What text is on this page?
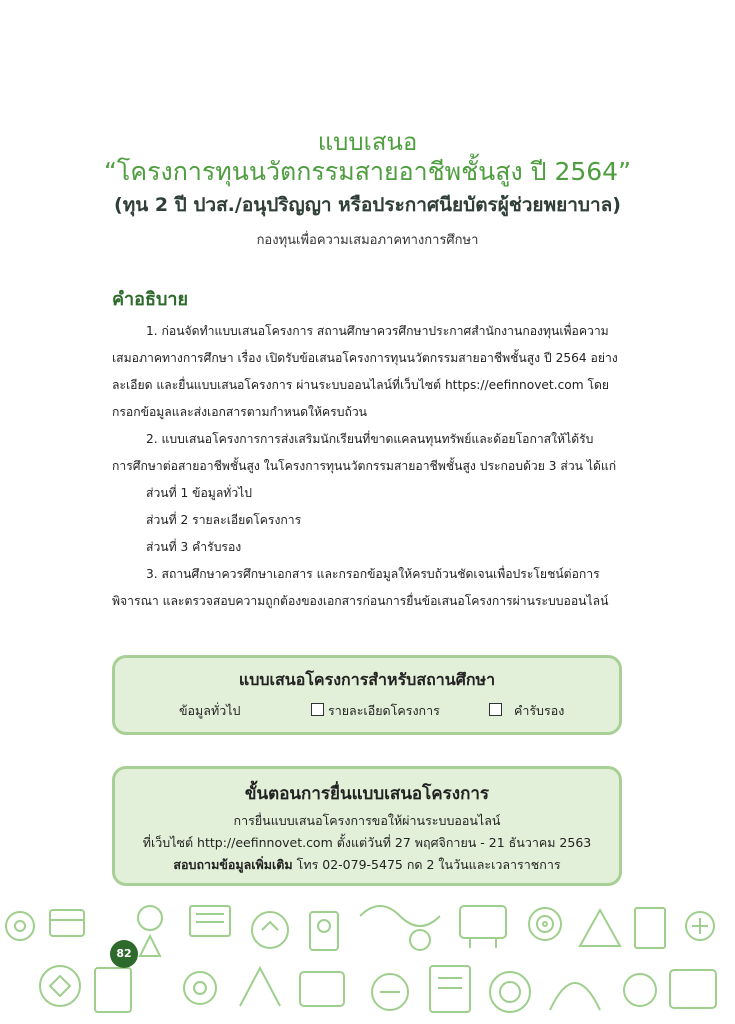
แบบเสนอ
“โครงการทุนนวัตกรรมสายอาชีพชั้นสูง ปี 2564”
(ทุน 2 ปี ปวส./อนุปริญญา หรือประกาศนียบัตรผู้ช่วยพยาบาล)
กองทุนเพื่อความเสมอภาคทางการศึกษา
คำอธิบาย
1. ก่อนจัดทำแบบเสนอโครงการ สถานศึกษาควรศึกษาประกาศสำนักงานกองทุนเพื่อความ
เสมอภาคทางการศึกษา เรื่อง เปิดรับข้อเสนอโครงการทุนนวัตกรรมสายอาชีพชั้นสูง ปี 2564 อย่าง
ละเอียด และยื่นแบบเสนอโครงการ ผ่านระบบออนไลน์ที่เว็บไซต์ https://eefinnovet.com โดย
กรอกข้อมูลและส่งเอกสารตามกำหนดให้ครบถ้วน
2. แบบเสนอโครงการการส่งเสริมนักเรียนที่ขาดแคลนทุนทรัพย์และด้อยโอกาสให้ได้รับ
การศึกษาต่อสายอาชีพชั้นสูง ในโครงการทุนนวัตกรรมสายอาชีพชั้นสูง ประกอบด้วย 3 ส่วน ได้แก่
ส่วนที่ 1 ข้อมูลทั่วไป
ส่วนที่ 2 รายละเอียดโครงการ
ส่วนที่ 3 คำรับรอง
3. สถานศึกษาควรศึกษาเอกสาร และกรอกข้อมูลให้ครบถ้วนชัดเจนเพื่อประโยชน์ต่อการ
พิจารณา และตรวจสอบความถูกต้องของเอกสารก่อนการยื่นข้อเสนอโครงการผ่านระบบออนไลน์
แบบเสนอโครงการสำหรับสถานศึกษา
ข้อมูลทั่วไป	รายละเอียดโครงการ	คำรับรอง
ขั้นตอนการยื่นแบบเสนอโครงการ
การยื่นแบบเสนอโครงการขอให้ผ่านระบบออนไลน์
ที่เว็บไซต์ http://eefinnovet.com ตั้งแต่วันที่ 27 พฤศจิกายน - 21 ธันวาคม 2563
สอบถามข้อมูลเพิ่มเติม โทร 02-079-5475 กด 2 ในวันและเวลาราชการ
82
